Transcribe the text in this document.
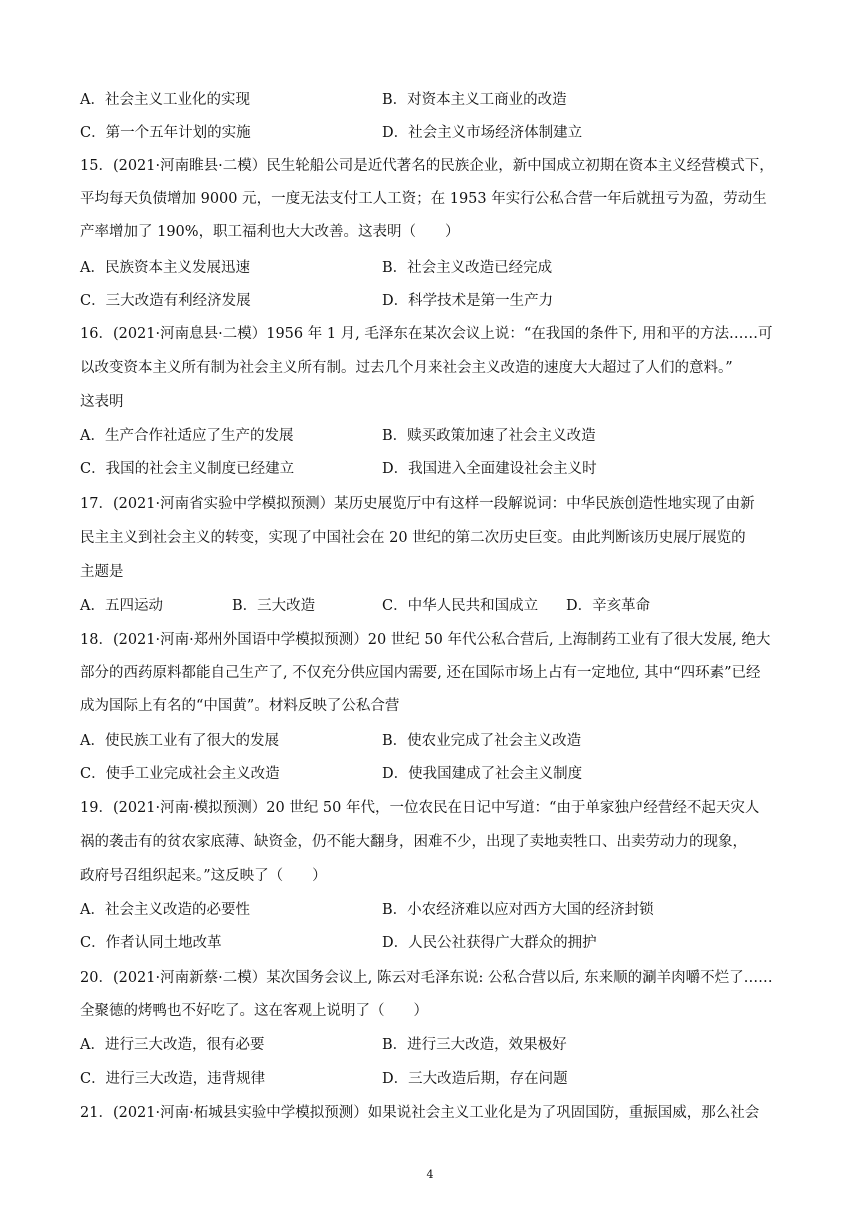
A．社会主义工业化的实现	B．对资本主义工商业的改造
C．第一个五年计划的实施	D．社会主义市场经济体制建立
15．(2021·河南睢县·二模）民生轮船公司是近代著名的民族企业，新中国成立初期在资本主义经营模式下，
平均每天负债增加 9000 元，一度无法支付工人工资；在 1953 年实行公私合营一年后就扭亏为盈，劳动生
产率增加了 190%，职工福利也大大改善。这表明（　　）
A．民族资本主义发展迅速	B．社会主义改造已经完成
C．三大改造有利经济发展	D．科学技术是第一生产力
16．(2021·河南息县·二模）1956 年 1 月, 毛泽东在某次会议上说：“在我国的条件下, 用和平的方法……可
以改变资本主义所有制为社会主义所有制。过去几个月来社会主义改造的速度大大超过了人们的意料。”
这表明
A．生产合作社适应了生产的发展	B．赎买政策加速了社会主义改造
C．我国的社会主义制度已经建立	D．我国进入全面建设社会主义时
17．(2021·河南省实验中学模拟预测）某历史展览厅中有这样一段解说词：中华民族创造性地实现了由新
民主主义到社会主义的转变，实现了中国社会在 20 世纪的第二次历史巨变。由此判断该历史展厅展览的
主题是
A．五四运动	B．三大改造	C．中华人民共和国成立 D．辛亥革命
18．(2021·河南·郑州外国语中学模拟预测）20 世纪 50 年代公私合营后, 上海制药工业有了很大发展, 绝大
部分的西药原料都能自己生产了, 不仅充分供应国内需要, 还在国际市场上占有一定地位, 其中“四环素”已经
成为国际上有名的“中国黄”。材料反映了公私合营
A．使民族工业有了很大的发展	B．使农业完成了社会主义改造
C．使手工业完成社会主义改造	D．使我国建成了社会主义制度
19．(2021·河南·模拟预测）20 世纪 50 年代，一位农民在日记中写道：“由于单家独户经营经不起天灾人
祸的袭击有的贫农家底薄、缺资金，仍不能大翻身，困难不少，出现了卖地卖牲口、出卖劳动力的现象，
政府号召组织起来。”这反映了（　　）
A．社会主义改造的必要性	B．小农经济难以应对西方大国的经济封锁
C．作者认同土地改革	D．人民公社获得广大群众的拥护
20．(2021·河南新蔡·二模）某次国务会议上, 陈云对毛泽东说: 公私合营以后, 东来顺的涮羊肉嚼不烂了……
全聚德的烤鸭也不好吃了。这在客观上说明了（　　）
A．进行三大改造，很有必要	B．进行三大改造，效果极好
C．进行三大改造，违背规律	D．三大改造后期，存在问题
21．(2021·河南·柘城县实验中学模拟预测）如果说社会主义工业化是为了巩固国防，重振国威，那么社会
4
